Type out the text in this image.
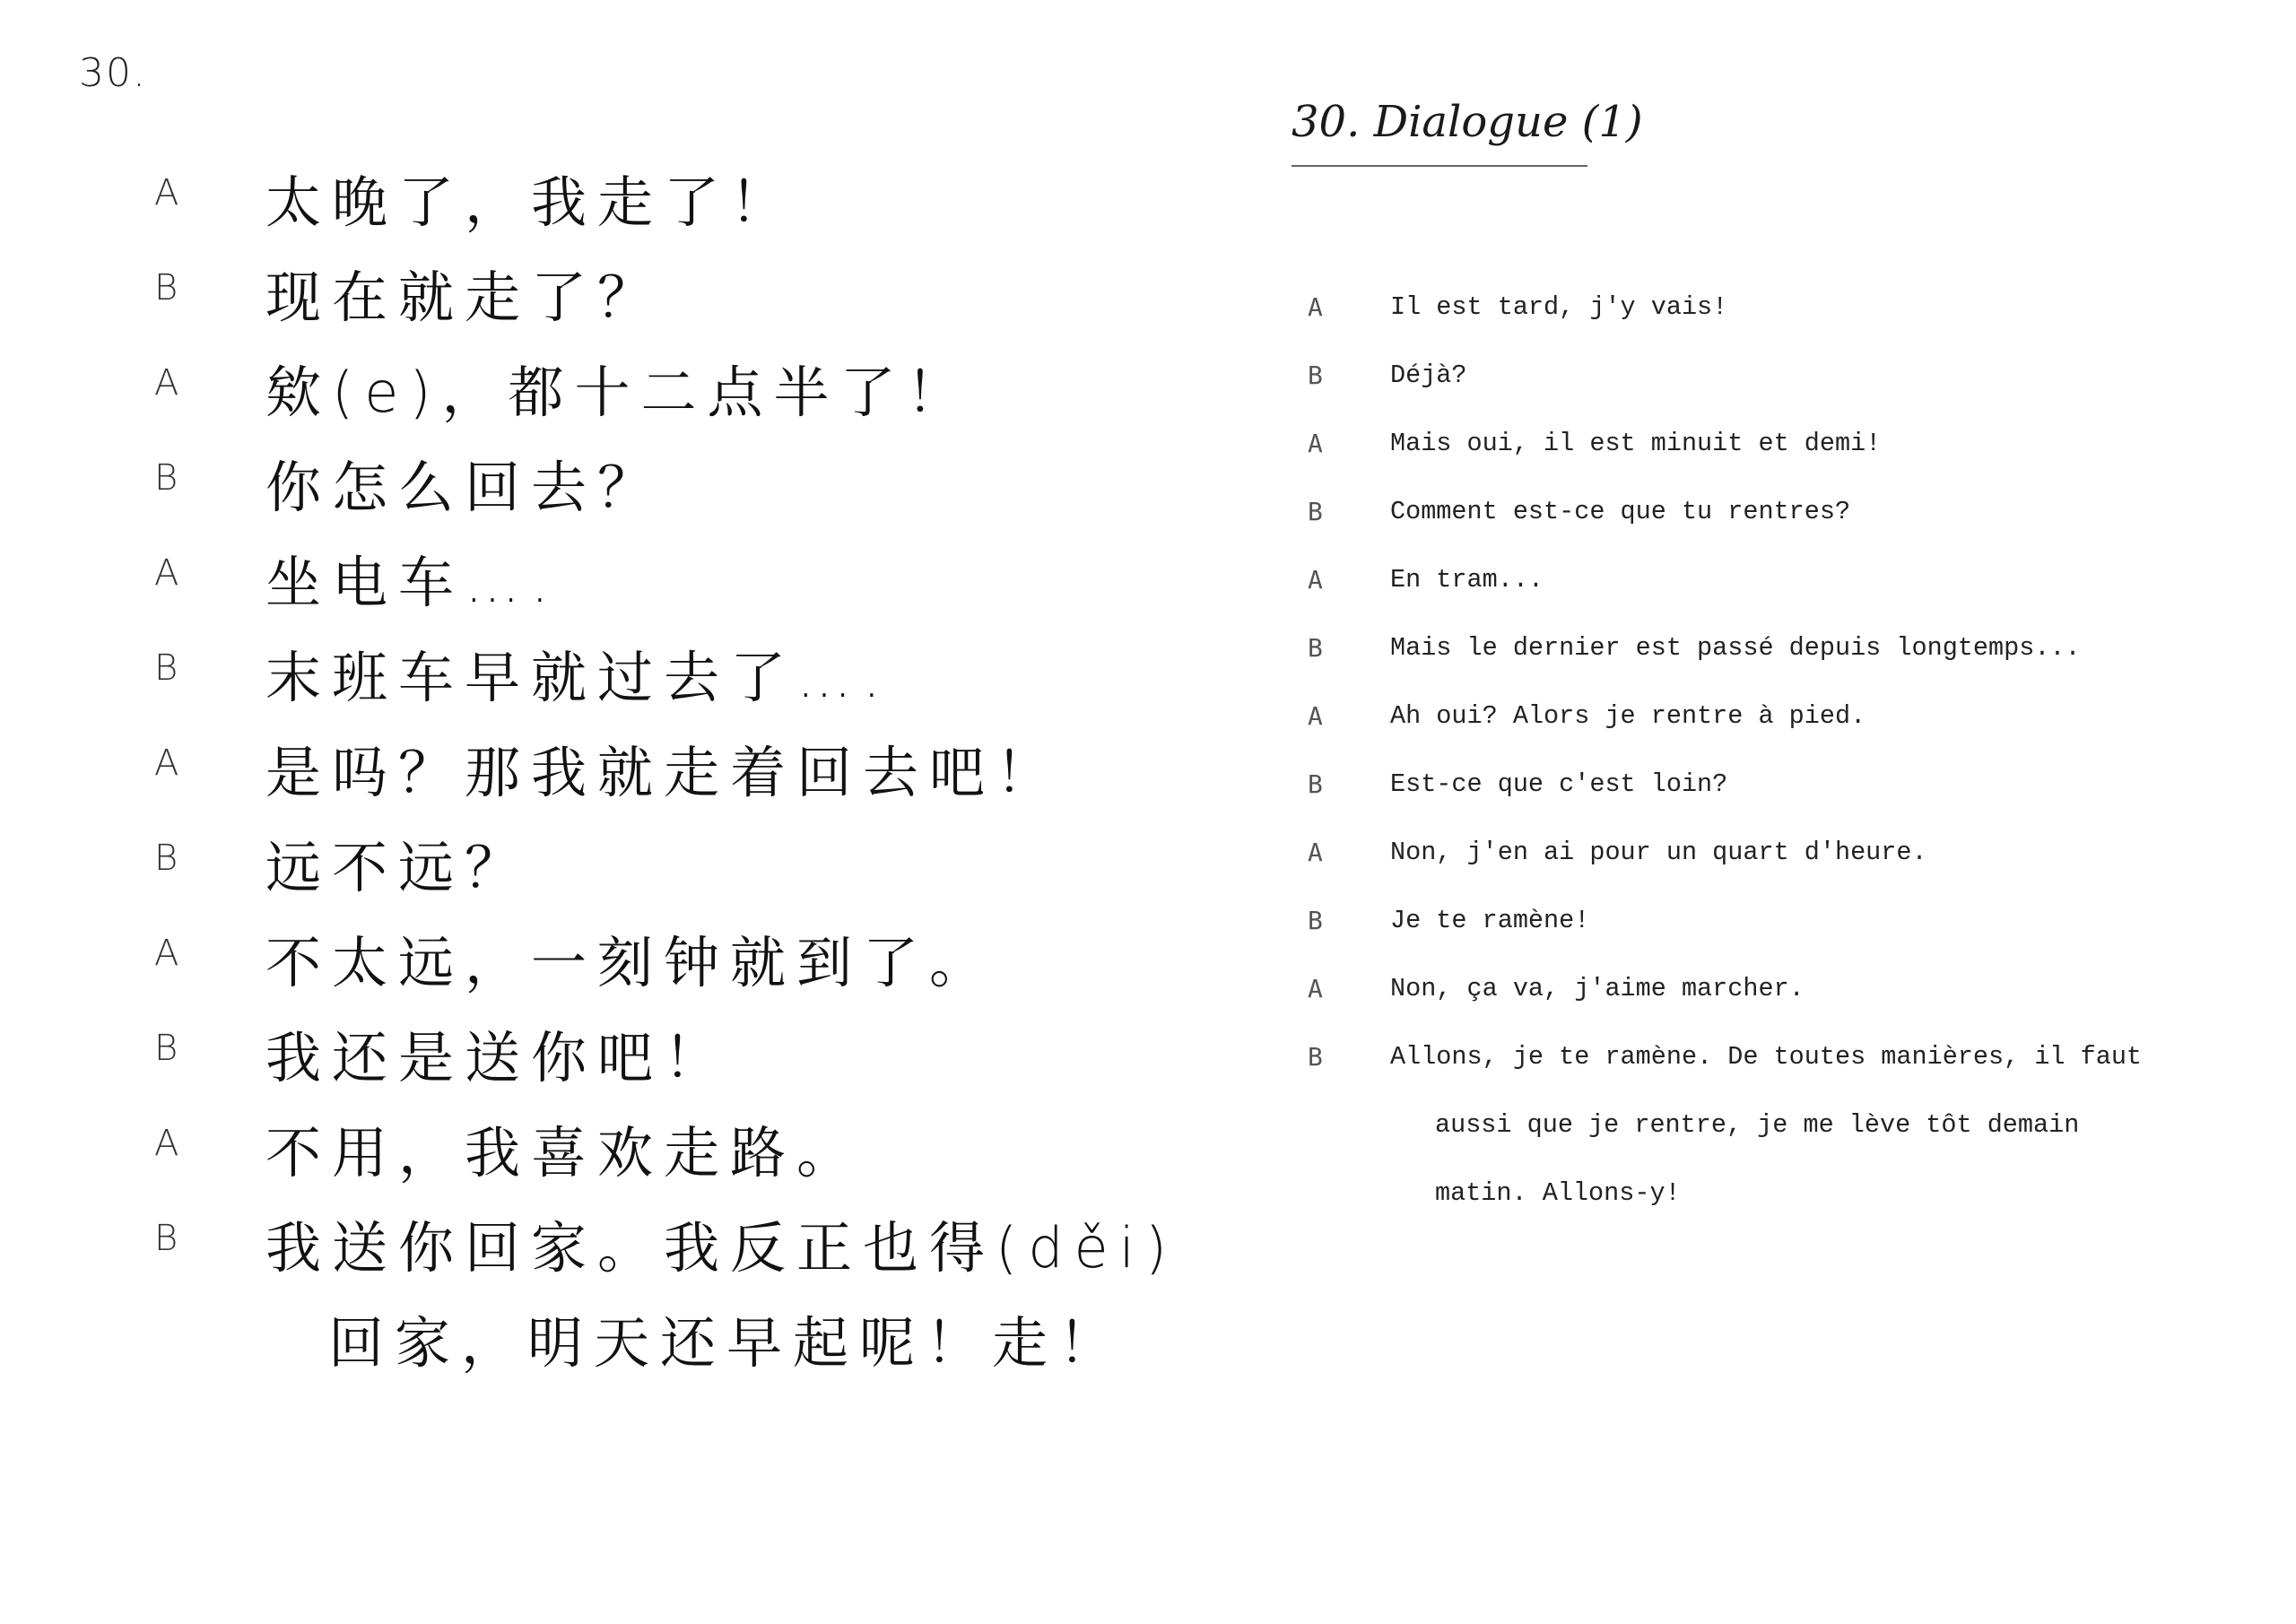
30.
A	太晚了，我走了！
B	现在就走了？
A	欸(e)，都十二点半了！
B	你怎么回去？
A	坐电车….
B	末班车早就过去了….
A	是吗？那我就走着回去吧！
B	远不远？
A	不太远，一刻钟就到了。
B	我还是送你吧！
A	不用，我喜欢走路。
B	我送你回家。我反正也得(děi)
回家，明天还早起呢！走！
30. Dialogue (1)
A	Il est tard, j'y vais!
B	Déjà?
A	Mais oui, il est minuit et demi!
B	Comment est-ce que tu rentres?
A	En tram...
B	Mais le dernier est passé depuis longtemps...
A	Ah oui? Alors je rentre à pied.
B	Est-ce que c'est loin?
A	Non, j'en ai pour un quart d'heure.
B	Je te ramène!
A	Non, ça va, j'aime marcher.
B	Allons, je te ramène. De toutes manières, il faut
aussi que je rentre, je me lève tôt demain
matin. Allons-y!
